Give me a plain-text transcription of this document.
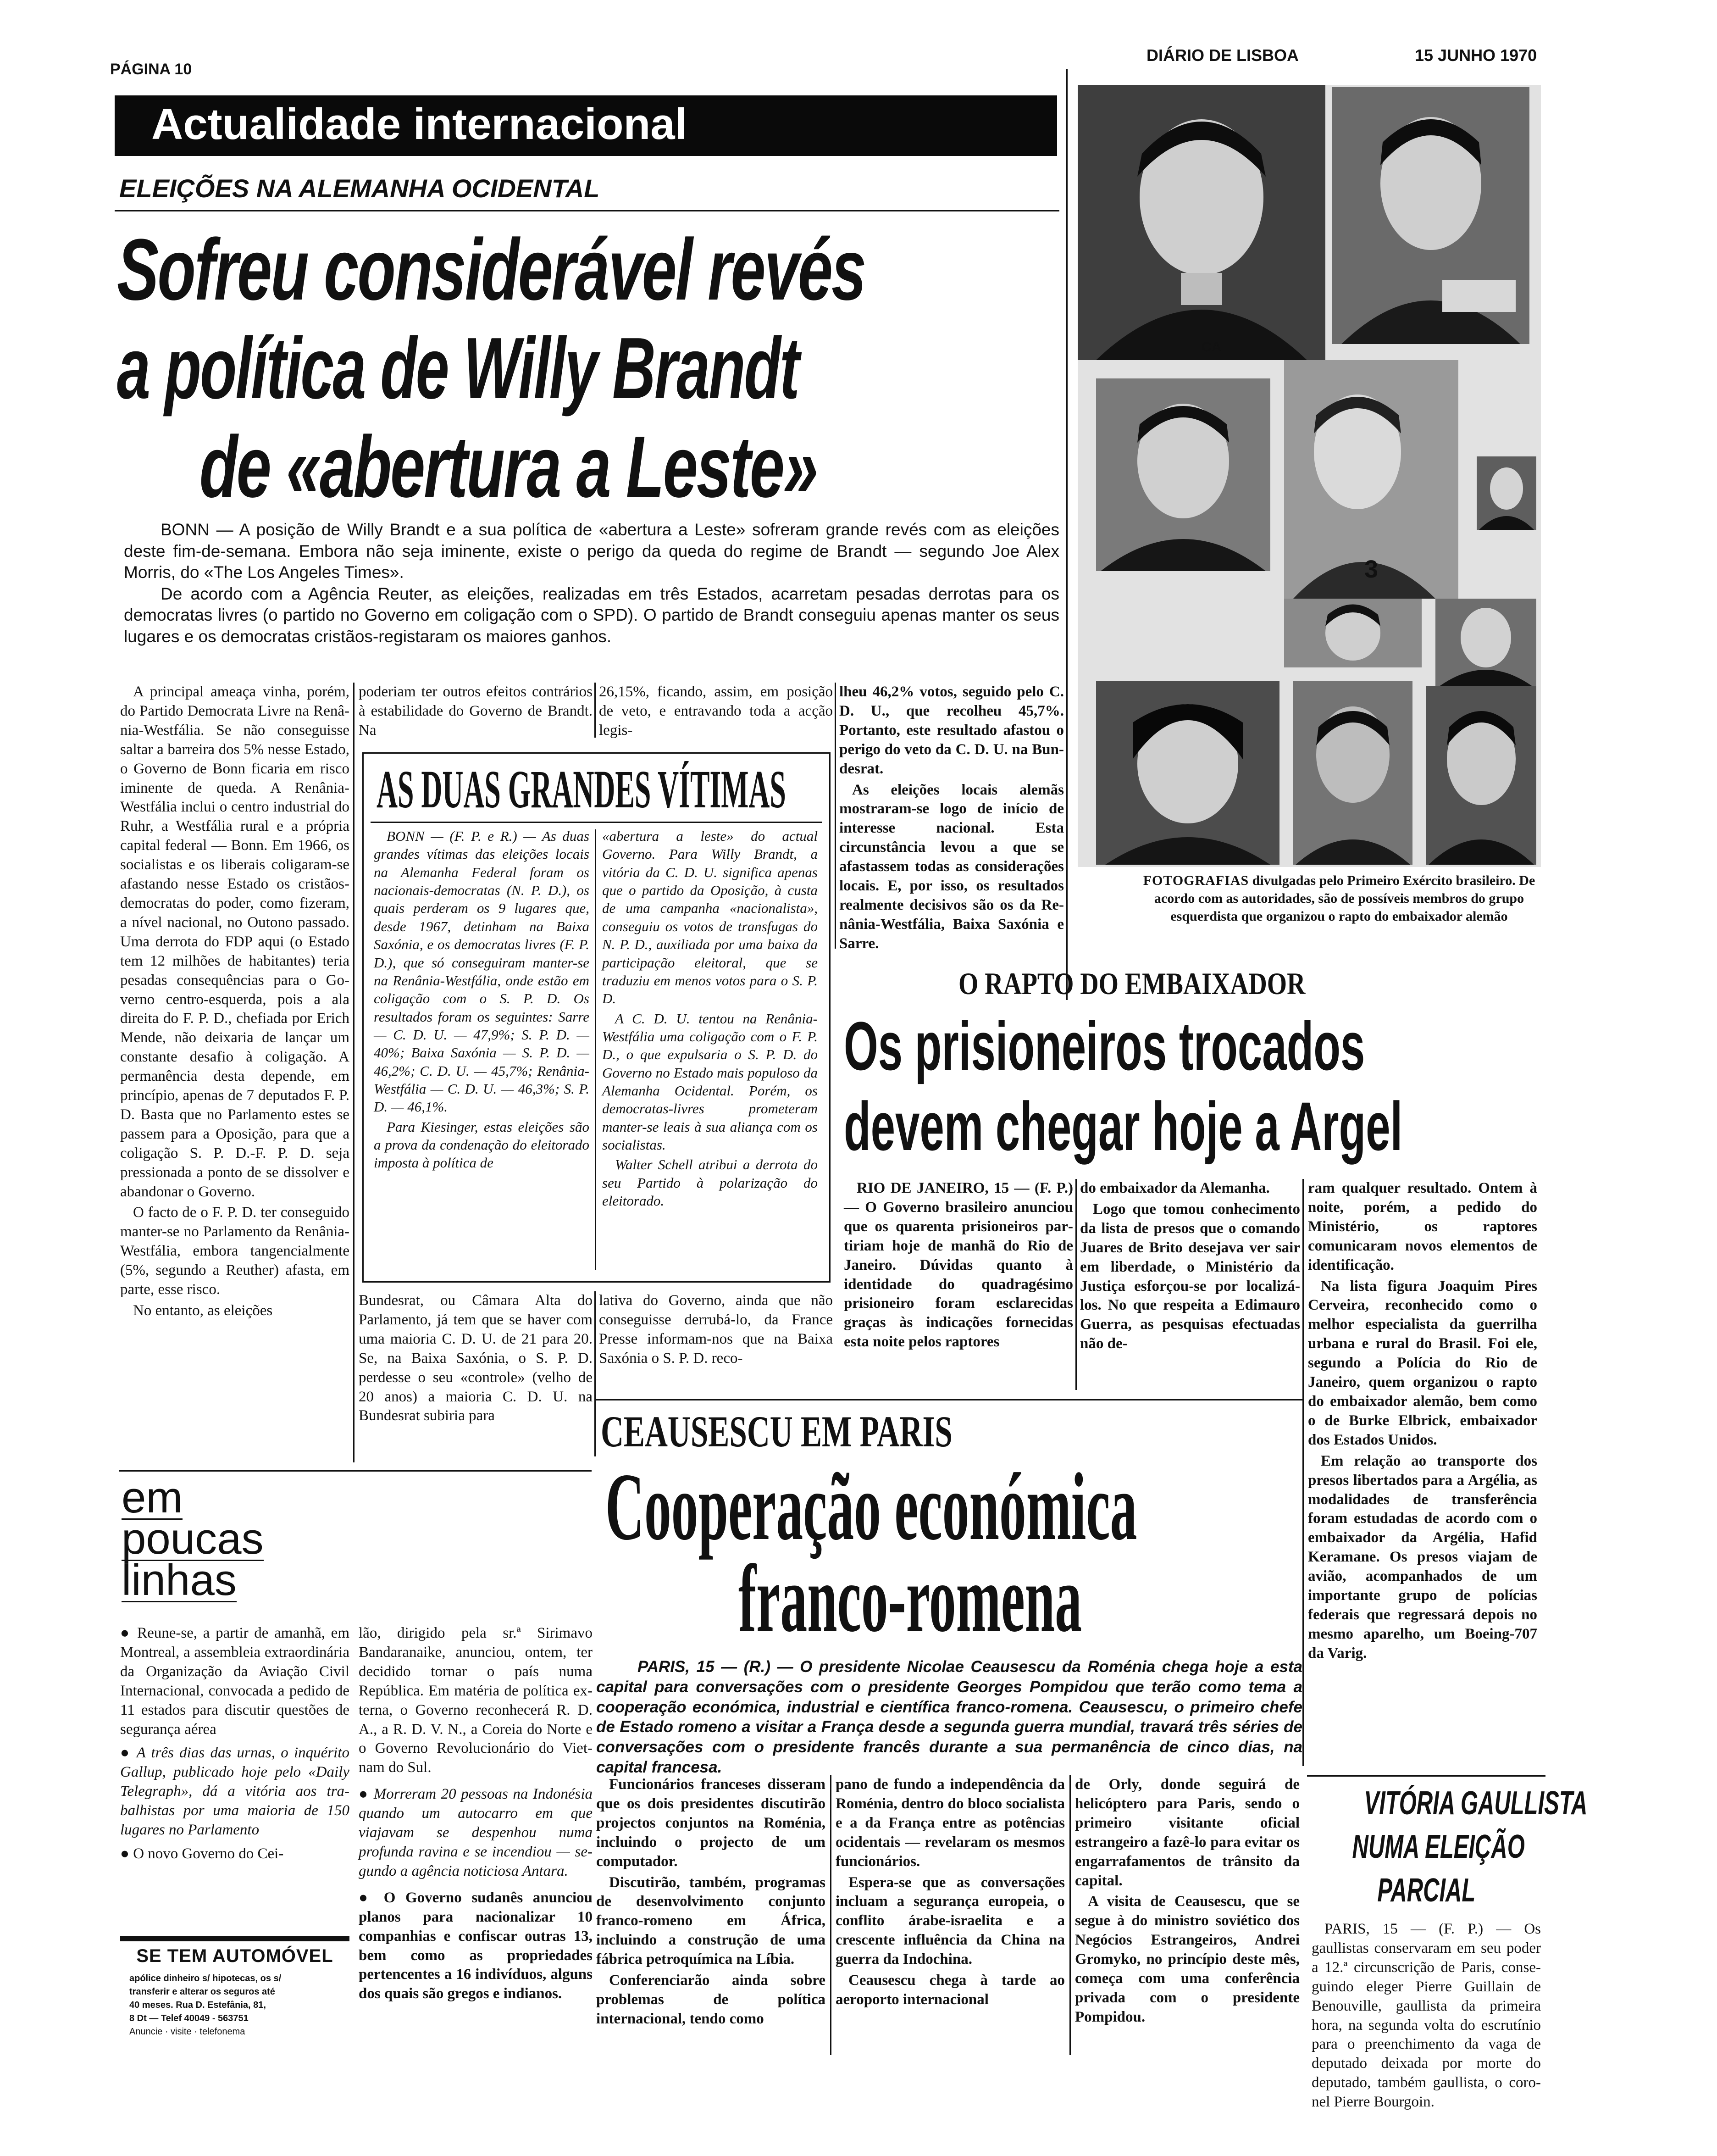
PÁGINA 10
DIÁRIO DE LISBOA	15 JUNHO 1970
Actualidade internacional
ELEIÇÕES NA ALEMANHA OCIDENTAL
Sofreu considerável revés
a política de Willy Brandt
de «abertura a Leste»

BONN — A posição de Willy Brandt e a sua política de «abertura a Leste» sofreram grande revés com as eleições deste fim-de-semana. Embora não seja iminente, existe o perigo da queda do regime de Brandt — segundo Joe Alex Morris, do «The Los Angeles Times».

De acordo com a Agência Reuter, as eleições, realizadas em três Estados, acarretam pesadas derrotas para os democratas livres (o partido no Governo em coligação com o SPD). O partido de Brandt conseguiu apenas manter os seus lugares e os democratas cristãos-registaram os maiores ganhos.

A principal ameaça vinha, porém, do Partido Democrata Livre na Renânia-Westfália. Se não conseguisse saltar a barreira dos 5% nesse Estado, o Governo de Bonn ficaria em risco iminente de queda. A Renânia-Westfália inclui o centro industrial do Ruhr, a Westfália rural e a própria capital federal — Bonn. Em 1966, os socialistas e os liberais coligaram-se afastando nesse Estado os cristãos-democratas do poder, como fizeram, a nível nacional, no Outono passado. Uma derrota do FDP aqui (o Estado tem 12 milhões de habitantes) teria pesadas consequências para o Governo centro-esquerda, pois a ala direita do F. P. D., chefiada por Erich Mende, não deixaria de lançar um constante desafio à coligação. A permanência desta depende, em princípio, apenas de 7 deputados F. P. D. Basta que no Parlamento estes se passem para a Oposição, para que a coligação S. P. D.-F. P. D. seja pressionada a ponto de se dissolver e abandonar o Governo.

O facto de o F. P. D. ter conseguido manter-se no Parlamento da Renânia-Westfália, embora tangencialmente (5%, segundo a Reuther) afasta, em parte, esse risco.

No entanto, as eleições

poderiam ter outros efeitos contrários à estabilidade do Governo de Brandt. Na

26,15%, ficando, assim, em posição de veto, e entravando toda a acção legis-

AS DUAS GRANDES VÍTIMAS

BONN — (F. P. e R.) — As duas grandes vítimas das eleições locais na Alemanha Federal foram os nacionais-democratas (N. P. D.), os quais perderam os 9 lugares que, desde 1967, detinham na Baixa Saxónia, e os democratas livres (F. P. D.), que só conseguiram manter-se na Renânia-Westfália, onde estão em coligação com o S. P. D. Os resultados foram os seguintes: Sarre — C. D. U. — 47,9%; S. P. D. — 40%; Baixa Saxónia — S. P. D. — 46,2%; C. D. U. — 45,7%; Renânia-Westfália — C. D. U. — 46,3%; S. P. D. — 46,1%.

Para Kiesinger, estas eleições são a prova da condenação do eleitorado imposta à política de

«abertura a leste» do actual Governo. Para Willy Brandt, a vitória da C. D. U. significa apenas que o partido da Oposição, à custa de uma campanha «nacionalista», conseguiu os votos de transfugas do N. P. D., auxiliada por uma baixa da participação eleitoral, que se traduziu em menos votos para o S. P. D.

A C. D. U. tentou na Renânia-Westfália uma coligação com o F. P. D., o que expulsaria o S. P. D. do Governo no Estado mais populoso da Alemanha Ocidental. Porém, os democratas-livres prometeram manter-se leais à sua aliança com os socialistas.

Walter Schell atribui a derrota do seu Partido à polarização do eleitorado.

Bundesrat, ou Câmara Alta do Parlamento, já tem que se haver com uma maioria C. D. U. de 21 para 20. Se, na Baixa Saxónia, o S. P. D. perdesse o seu «controle» (velho de 20 anos) a maioria C. D. U. na Bundesrat subiria para

lativa do Governo, ainda que não conseguisse derrubá-lo, da France Presse informam-nos que na Baixa Saxónia o S. P. D. reco-

lheu 46,2% votos, seguido pelo C. D. U., que recolheu 45,7%. Portanto, este resultado afastou o perigo do veto da C. D. U. na Bundesrat.

As eleições locais alemãs mostraram-se logo de início de interesse nacional. Esta circunstância levou a que se afastassem todas as considerações locais. E, por isso, os resultados realmente decisivos são os da Renânia-Westfália, Baixa Saxónia e Sarre.

CA
3
FOTOGRAFIAS divulgadas pelo Primeiro Exército brasileiro. De acordo com as autoridades, são de possíveis membros do grupo esquerdista que organizou o rapto do embaixador alemão
O RAPTO DO EMBAIXADOR
Os prisioneiros trocados
devem chegar hoje a Argel

RIO DE JANEIRO, 15 — (F. P.) — O Governo brasileiro anunciou que os quarenta prisioneiros partiriam hoje de manhã do Rio de Janeiro. Dúvidas quanto à identidade do quadragésimo prisioneiro foram esclarecidas graças às indicações fornecidas esta noite pelos raptores

do embaixador da Alemanha.

Logo que tomou conhecimento da lista de presos que o comando Juares de Brito desejava ver sair em liberdade, o Ministério da Justiça esforçou-se por localizá-los. No que respeita a Edimauro Guerra, as pesquisas efectuadas não de-

ram qualquer resultado. Ontem à noite, porém, a pedido do Ministério, os raptores comunicaram novos elementos de identificação.

Na lista figura Joaquim Pires Cerveira, reconhecido como o melhor especialista da guerrilha urbana e rural do Brasil. Foi ele, segundo a Polícia do Rio de Janeiro, quem organizou o rapto do embaixador alemão, bem como o de Burke Elbrick, embaixador dos Estados Unidos.

Em relação ao transporte dos presos libertados para a Argélia, as modalidades de transferência foram estudadas de acordo com o embaixador da Argélia, Hafid Keramane. Os presos viajam de avião, acompanhados de um importante grupo de polícias federais que regressará depois no mesmo aparelho, um Boeing-707 da Varig.

CEAUSESCU EM PARIS
Cooperação económica
franco-romena
PARIS, 15 — (R.) — O presidente Nicolae Ceausescu da Roménia chega hoje a esta capital para conversações com o presidente Georges Pompidou que terão como tema a cooperação económica, industrial e científica franco-romena. Ceausescu, o primeiro chefe de Estado romeno a visitar a França desde a segunda guerra mundial, travará três séries de conversações com o presidente francês durante a sua permanência de cinco dias, na capital francesa.

Funcionários franceses disseram que os dois presidentes discutirão projectos conjuntos na Roménia, incluindo o projecto de um computador.

Discutirão, também, programas de desenvolvimento conjunto franco-romeno em África, incluindo a construção de uma fábrica petroquímica na Líbia.

Conferenciarão ainda sobre problemas de política internacional, tendo como

pano de fundo a independência da Roménia, dentro do bloco socialista e a da França entre as potências ocidentais — revelaram os mesmos funcionários.

Espera-se que as conversações incluam a segurança europeia, o conflito árabe-israelita e a crescente influência da China na guerra da Indochina.

Ceausescu chega à tarde ao aeroporto internacional

de Orly, donde seguirá de helicóptero para Paris, sendo o primeiro visitante oficial estrangeiro a fazê-lo para evitar os engarrafamentos de trânsito da capital.

A visita de Ceausescu, que se segue à do ministro soviético dos Negócios Estrangeiros, Andrei Gromyko, no princípio deste mês, começa com uma conferência privada com o presidente Pompidou.

VITÓRIA GAULLISTA
NUMA ELEIÇÃO
PARCIAL

PARIS, 15 — (F. P.) — Os gaullistas conservaram em seu poder a 12.ª circunscrição de Paris, conseguindo eleger Pierre Guillain de Benouville, gaullista da primeira hora, na segunda volta do escrutínio para o preenchimento da vaga de deputado deixada por morte do deputado, também gaullista, o coronel Pierre Bourgoin.

em
poucas
linhas

● Reune-se, a partir de amanhã, em Montreal, a assembleia extraordinária da Organização da Aviação Civil Internacional, convocada a pedido de 11 estados para discutir questões de segurança aérea

● A três dias das urnas, o inquérito Gallup, publicado hoje pelo «Daily Telegraph», dá a vitória aos trabalhistas por uma maioria de 150 lugares no Parlamento

● O novo Governo do Cei-

lão, dirigido pela sr.ª Sirimavo Bandaranaike, anunciou, ontem, ter decidido tornar o país numa República. Em matéria de política externa, o Governo reconhecerá R. D. A., a R. D. V. N., a Coreia do Norte e o Governo Revolucionário do Vietnam do Sul.

● Morreram 20 pessoas na Indonésia quando um autocarro em que viajavam se despenhou numa profunda ravina e se incendiou — segundo a agência noticiosa Antara.

● O Governo sudanês anunciou planos para nacionalizar 10 companhias e confiscar outras 13, bem como as propriedades pertencentes a 16 indivíduos, alguns dos quais são gregos e indianos.

SE TEM AUTOMÓVEL
apólice dinheiro s/ hipotecas, os s/
transferir e alterar os seguros até
40 meses. Rua D. Estefânia, 81,
8 Dt — Telef 40049 - 563751
Anuncie · visite · telefonema
